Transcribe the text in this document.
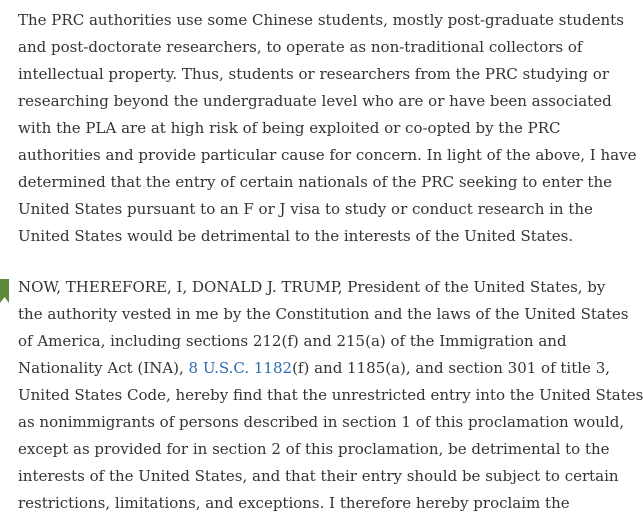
The PRC authorities use some Chinese students, mostly post-graduate students
and post-doctorate researchers, to operate as non-traditional collectors of
intellectual property. Thus, students or researchers from the PRC studying or
researching beyond the undergraduate level who are or have been associated
with the PLA are at high risk of being exploited or co-opted by the PRC
authorities and provide particular cause for concern. In light of the above, I have
determined that the entry of certain nationals of the PRC seeking to enter the
United States pursuant to an F or J visa to study or conduct research in the
United States would be detrimental to the interests of the United States.
NOW, THEREFORE, I, DONALD J. TRUMP, President of the United States, by
the authority vested in me by the Constitution and the laws of the United States
of America, including sections 212(f) and 215(a) of the Immigration and
Nationality Act (INA), 8 U.S.C. 1182(f) and 1185(a), and section 301 of title 3,
United States Code, hereby find that the unrestricted entry into the United States
as nonimmigrants of persons described in section 1 of this proclamation would,
except as provided for in section 2 of this proclamation, be detrimental to the
interests of the United States, and that their entry should be subject to certain
restrictions, limitations, and exceptions. I therefore hereby proclaim the
